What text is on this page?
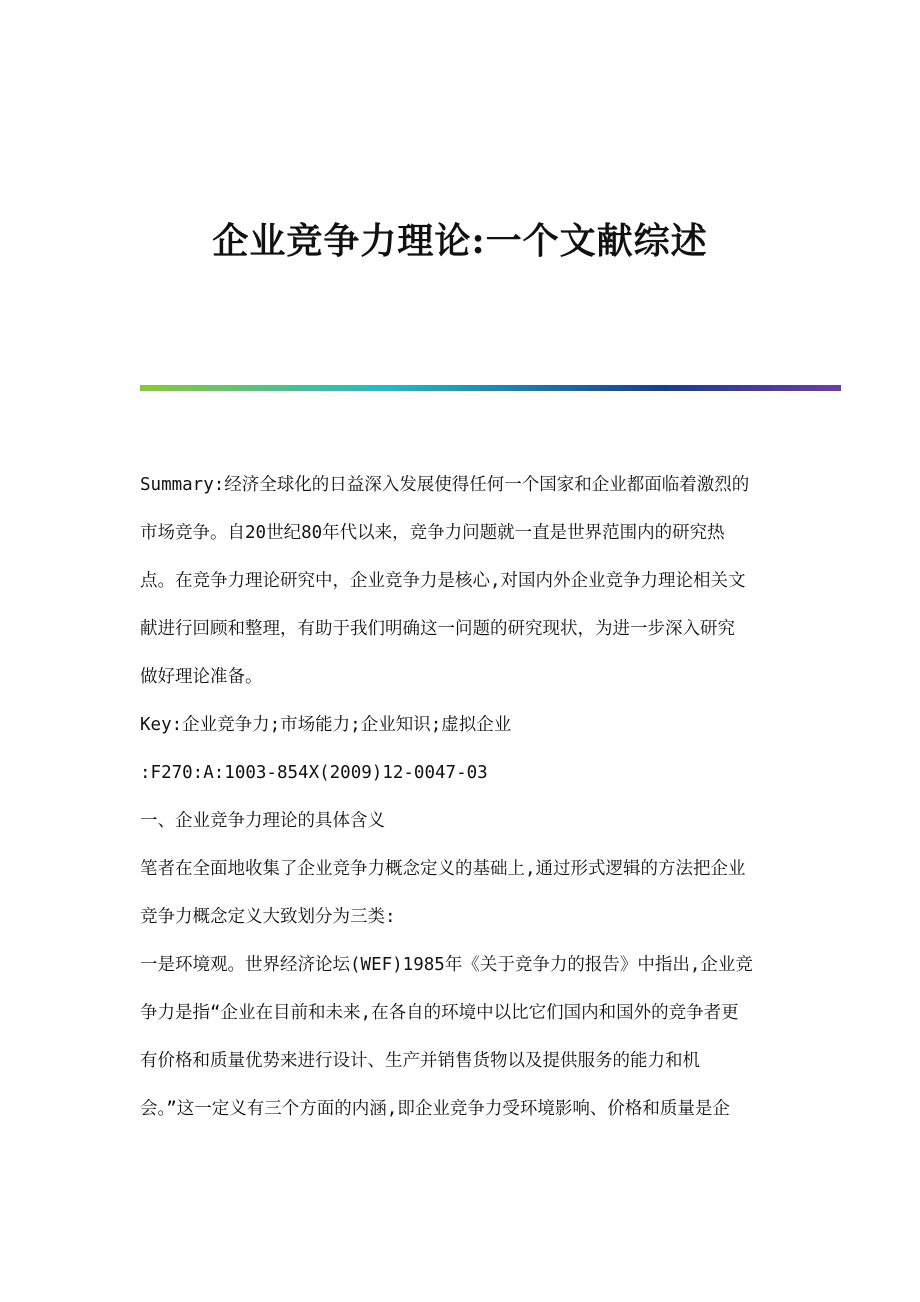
企业竞争力理论:一个文献综述
Summary:经济全球化的日益深入发展使得任何一个国家和企业都面临着激烈的
市场竞争。自20世纪80年代以来，竞争力问题就一直是世界范围内的研究热
点。在竞争力理论研究中，企业竞争力是核心,对国内外企业竞争力理论相关文
献进行回顾和整理，有助于我们明确这一问题的研究现状，为进一步深入研究
做好理论准备。
Key:企业竞争力;市场能力;企业知识;虚拟企业
:F270:A:1003-854X(2009)12-0047-03
一、企业竞争力理论的具体含义
笔者在全面地收集了企业竞争力概念定义的基础上,通过形式逻辑的方法把企业
竞争力概念定义大致划分为三类:
一是环境观。世界经济论坛(WEF)1985年《关于竞争力的报告》中指出,企业竞
争力是指“企业在目前和未来,在各自的环境中以比它们国内和国外的竞争者更
有价格和质量优势来进行设计、生产并销售货物以及提供服务的能力和机
会。”这一定义有三个方面的内涵,即企业竞争力受环境影响、价格和质量是企
